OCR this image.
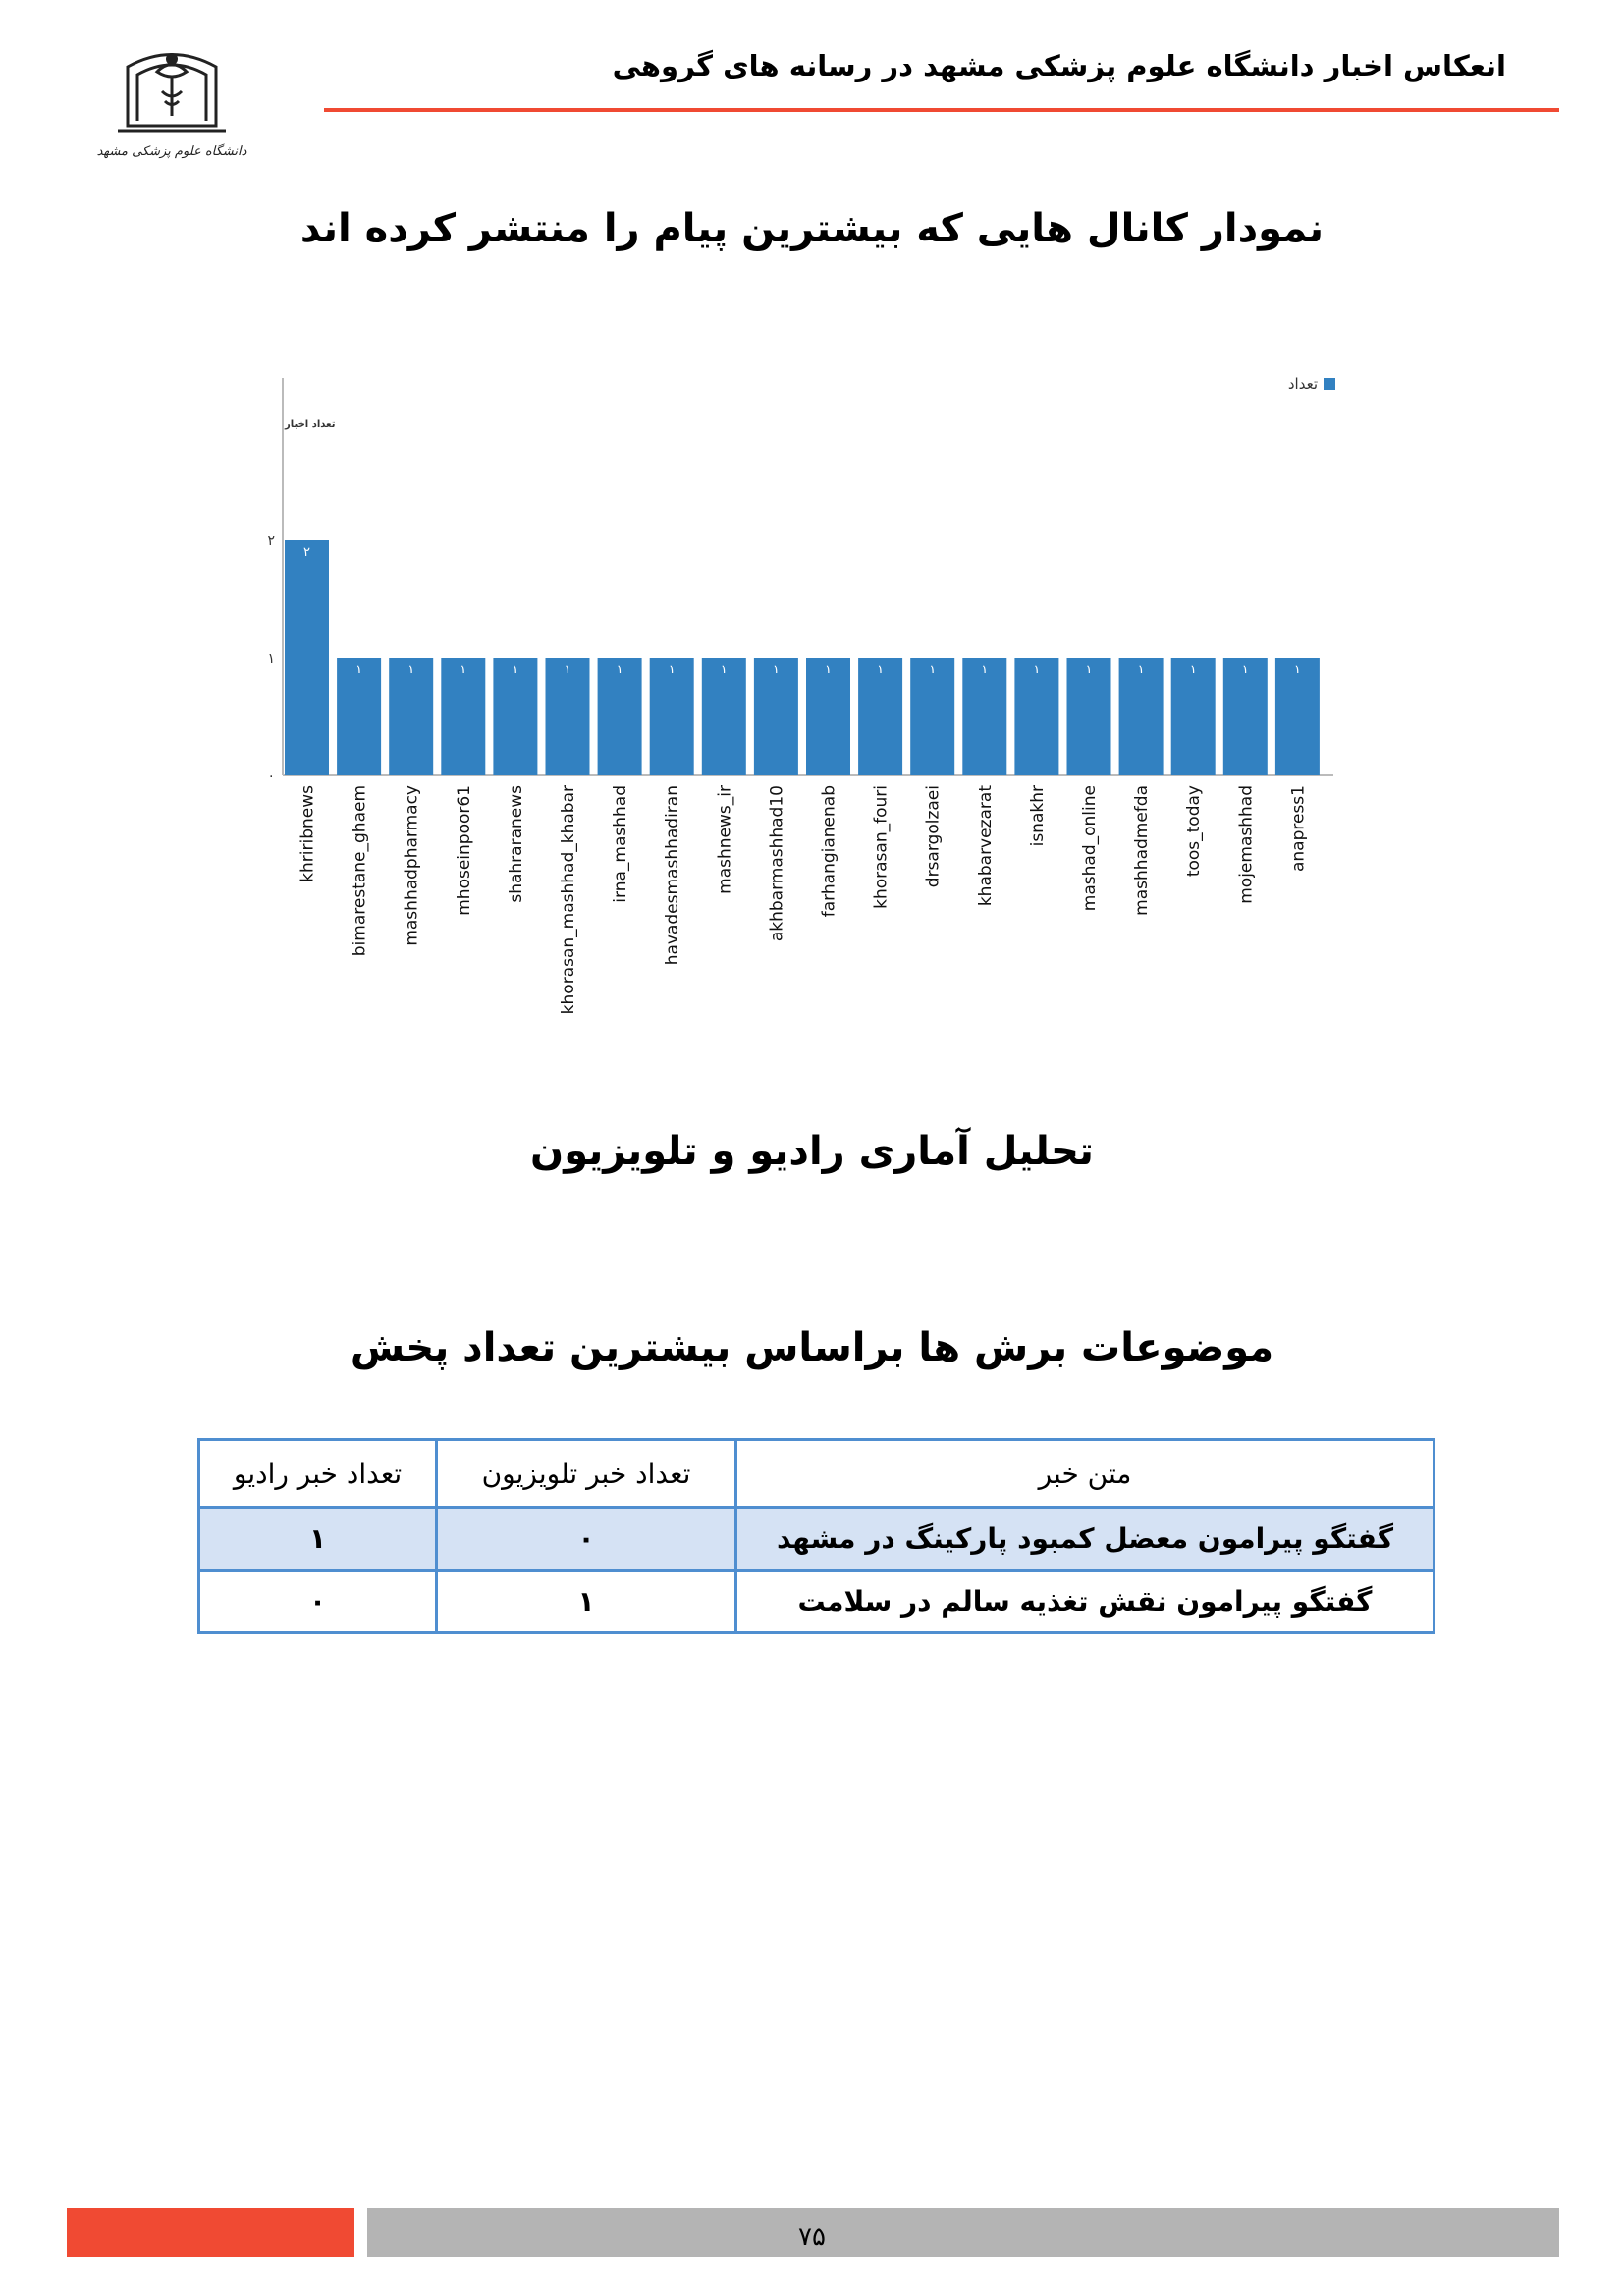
انعکاس اخبار دانشگاه علوم پزشکی مشهد در رسانه های گروهی
دانشگاه علوم پزشکی مشهد
نمودار کانال هایی که بیشترین پیام را منتشر کرده اند
تعداد اخبار
۰
۱
۲
تعداد
۲
khriribnews
۱
bimarestane_ghaem
۱
mashhadpharmacy
۱
mhoseinpoor61
۱
shahraranews
۱
khorasan_mashhad_khabar
۱
irna_mashhad
۱
havadesmashhadiran
۱
mashnews_ir
۱
akhbarmashhad10
۱
farhangianenab
۱
khorasan_fouri
۱
drsargolzaei
۱
khabarvezarat
۱
isnakhr
۱
mashad_online
۱
mashhadmefda
۱
toos_today
۱
mojemashhad
۱
anapress1
تحلیل آماری رادیو و تلویزیون
موضوعات برش ها براساس بیشترین تعداد پخش
متن خبر	تعداد خبر تلویزیون	تعداد خبر رادیو
گفتگو پیرامون معضل کمبود پارکینگ در مشهد	۰	۱
گفتگو پیرامون نقش تغذیه سالم در سلامت	۱	۰
۷۵
